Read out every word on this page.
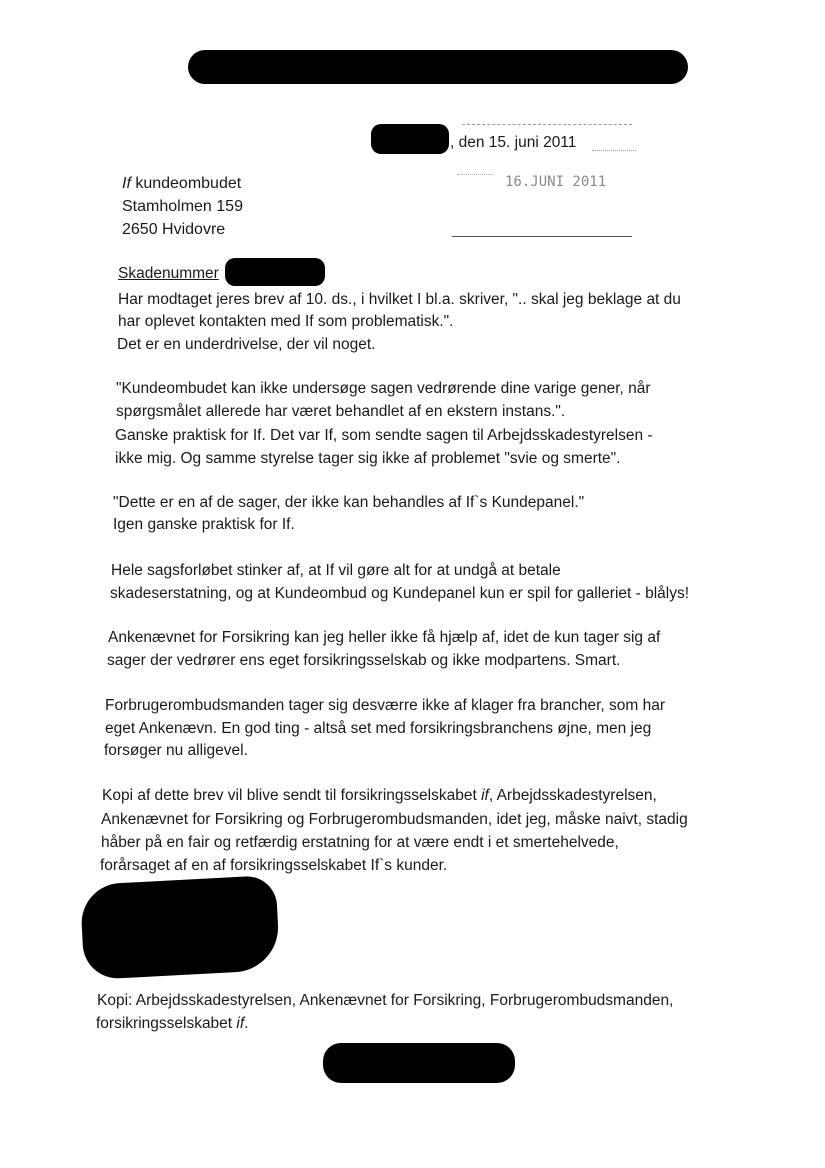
, den 15. juni 2011
16.JUNI 2011
If kundeombudet
Stamholmen 159
2650 Hvidovre
Skadenummer
Har modtaget jeres brev af 10. ds., i hvilket I bl.a. skriver, ".. skal jeg beklage at du
har oplevet kontakten med If som problematisk.".
Det er en underdrivelse, der vil noget.
"Kundeombudet kan ikke undersøge sagen vedrørende dine varige gener, når
spørgsmålet allerede har været behandlet af en ekstern instans.".
Ganske praktisk for If. Det var If, som sendte sagen til Arbejdsskadestyrelsen -
ikke mig. Og samme styrelse tager sig ikke af problemet "svie og smerte".
"Dette er en af de sager, der ikke kan behandles af If`s Kundepanel."
Igen ganske praktisk for If.
Hele sagsforløbet stinker af, at If vil gøre alt for at undgå at betale
skadeserstatning, og at Kundeombud og Kundepanel kun er spil for galleriet - blålys!
Ankenævnet for Forsikring kan jeg heller ikke få hjælp af, idet de kun tager sig af
sager der vedrører ens eget forsikringsselskab og ikke modpartens. Smart.
Forbrugerombudsmanden tager sig desværre ikke af klager fra brancher, som har
eget Ankenævn. En god ting - altså set med forsikringsbranchens øjne, men jeg
forsøger nu alligevel.
Kopi af dette brev vil blive sendt til forsikringsselskabet if, Arbejdsskadestyrelsen,
Ankenævnet for Forsikring og Forbrugerombudsmanden, idet jeg, måske naivt, stadig
håber på en fair og retfærdig erstatning for at være endt i et smertehelvede,
forårsaget af en af forsikringsselskabet If`s kunder.
Kopi: Arbejdsskadestyrelsen, Ankenævnet for Forsikring, Forbrugerombudsmanden,
forsikringsselskabet if.
